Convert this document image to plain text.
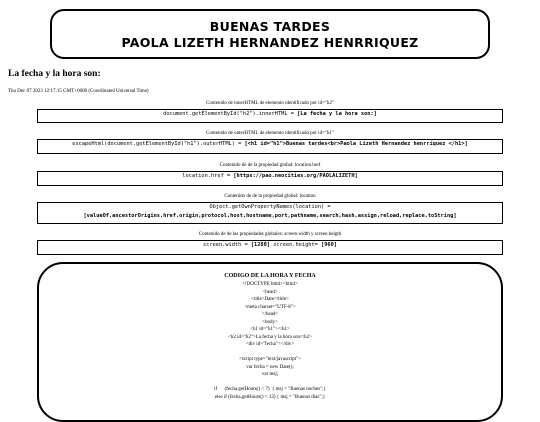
BUENAS TARDES
PAOLA LIZETH HERNANDEZ HENRRIQUEZ
La fecha y la hora son:
Thu Dec 07 2023 12:17:15 GMT+0000 (Coordinated Universal Time)
Contenido de innerHTML de elemento identificado por id="h2"
document.getElementById("h2").innerHTML = [La fecha y la hora son:]
Contenido de outerHTML de elemento identificado por id="h1"
escapeHtml(document.getElementById("h1").outerHTML) = [<h1 id="h1">Buenas tardes<br>Paola Lizeth Hernandez henrriquez </h1>]
Contenido de de la propiedad global: location.href
location.href = [https://pao.neocities.org/PAOLALIZETH]
Contenido de de la propiedad global: location
Object.getOwnPropertyNames(location) =
[valueOf,ancestorOrigins,href,origin,protocol,host,hostname,port,pathname,search,hash,assign,reload,replace,toString]
Contenido de de las propiedades globales: screen.width y screen.heigth
screen.width = [1280] screen.height= [960]
CODIGO DE LA HORA Y FECHA
<!DOCTYPE html><html>
<head>
<title>Date</title>
<meta charset="UTF-8">
</head>
<body>
<h1 id="h1"></h1>
<h2 id="h2">La fecha y la hora son</h2>
<div id="fecha"></div>

<script type="text/javascript">
var fecha = new Date();
var msj;

if      (fecha.getHours() < 7)  { msj = "Buenas noches";}
else if (fecha.getHours() < 12) { msj = "Buenos días";}
